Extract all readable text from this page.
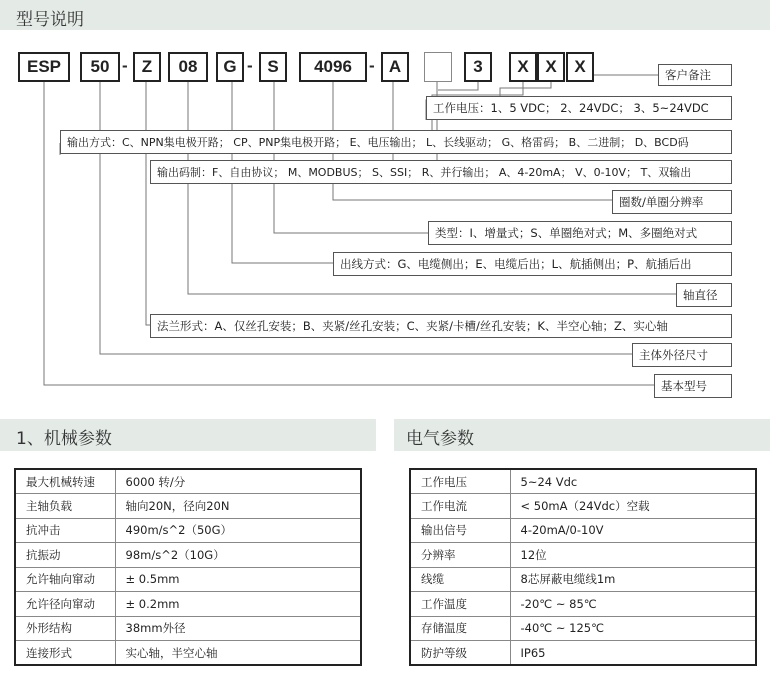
型号说明
ESP	50 - Z	08	G - S	4096	- A	3	X X	X	客户备注
工作电压：1、5 VDC； 2、24VDC； 3、5~24VDC
输出方式：C、NPN集电极开路； CP、PNP集电极开路； E、电压输出； L、长线驱动； G、格雷码； B、二进制； D、BCD码
输出码制：F、自由协议； M、MODBUS； S、SSI； R、并行输出； A、4-20mA； V、0-10V； T、双输出
圈数/单圈分辨率
类型：I、增量式；S、单圈绝对式；M、多圈绝对式
出线方式：G、电缆侧出；E、电缆后出；L、航插侧出；P、航插后出
轴直径
法兰形式：A、仅丝孔安装；B、夹紧/丝孔安装；C、夹紧/卡槽/丝孔安装；K、半空心轴；Z、实心轴
主体外径尺寸
基本型号
1、机械参数	电气参数
最大机械转速	6000 转/分
主轴负载	轴向20N，径向20N
抗冲击	490m/s^2（50G）
抗振动	98m/s^2（10G）
允许轴向窜动	± 0.5mm
允许径向窜动	± 0.2mm
外形结构	38mm外径
连接形式	实心轴，半空心轴
工作电压	5~24 Vdc
工作电流	< 50mA（24Vdc）空载
输出信号	4-20mA/0-10V
分辨率	12位
线缆	8芯屏蔽电缆线1m
工作温度	-20℃ ~ 85℃
存储温度	-40℃ ~ 125℃
防护等级	IP65
